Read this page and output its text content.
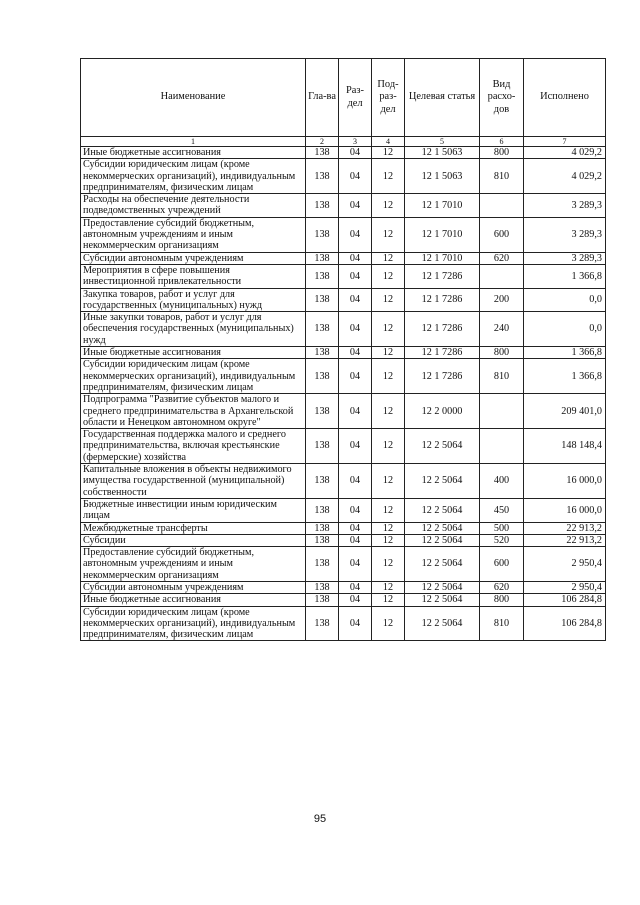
Наименование	Гла-ва	Раз-дел	Под-раз-дел	Целевая статья	Вид расхо-дов	Исполнено
1	2	3	4	5	6	7
Иные бюджетные ассигнования	138	04	12	12 1 5063	800	4 029,2
Субсидии юридическим лицам (кроме некоммерческих организаций), индивидуальным предпринимателям, физическим лицам	138	04	12	12 1 5063	810	4 029,2
Расходы на обеспечение деятельности подведомственных учреждений	138	04	12	12 1 7010		3 289,3
Предоставление субсидий бюджетным, автономным учреждениям и иным некоммерческим организациям	138	04	12	12 1 7010	600	3 289,3
Субсидии автономным учреждениям	138	04	12	12 1 7010	620	3 289,3
Мероприятия в сфере повышения инвестиционной привлекательности	138	04	12	12 1 7286		1 366,8
Закупка товаров, работ и услуг для государственных (муниципальных) нужд	138	04	12	12 1 7286	200	0,0
Иные закупки товаров, работ и услуг для обеспечения государственных (муниципальных) нужд	138	04	12	12 1 7286	240	0,0
Иные бюджетные ассигнования	138	04	12	12 1 7286	800	1 366,8
Субсидии юридическим лицам (кроме некоммерческих организаций), индивидуальным предпринимателям, физическим лицам	138	04	12	12 1 7286	810	1 366,8
Подпрограмма "Развитие субъектов малого и среднего предпринимательства в Архангельской области и Ненецком автономном округе"	138	04	12	12 2 0000		209 401,0
Государственная поддержка малого и среднего предпринимательства, включая крестьянские (фермерские) хозяйства	138	04	12	12 2 5064		148 148,4
Капитальные вложения в объекты недвижимого имущества государственной (муниципальной) собственности	138	04	12	12 2 5064	400	16 000,0
Бюджетные инвестиции иным юридическим лицам	138	04	12	12 2 5064	450	16 000,0
Межбюджетные трансферты	138	04	12	12 2 5064	500	22 913,2
Субсидии	138	04	12	12 2 5064	520	22 913,2
Предоставление субсидий бюджетным, автономным учреждениям и иным некоммерческим организациям	138	04	12	12 2 5064	600	2 950,4
Субсидии автономным учреждениям	138	04	12	12 2 5064	620	2 950,4
Иные бюджетные ассигнования	138	04	12	12 2 5064	800	106 284,8
Субсидии юридическим лицам (кроме некоммерческих организаций), индивидуальным предпринимателям, физическим лицам	138	04	12	12 2 5064	810	106 284,8
95
